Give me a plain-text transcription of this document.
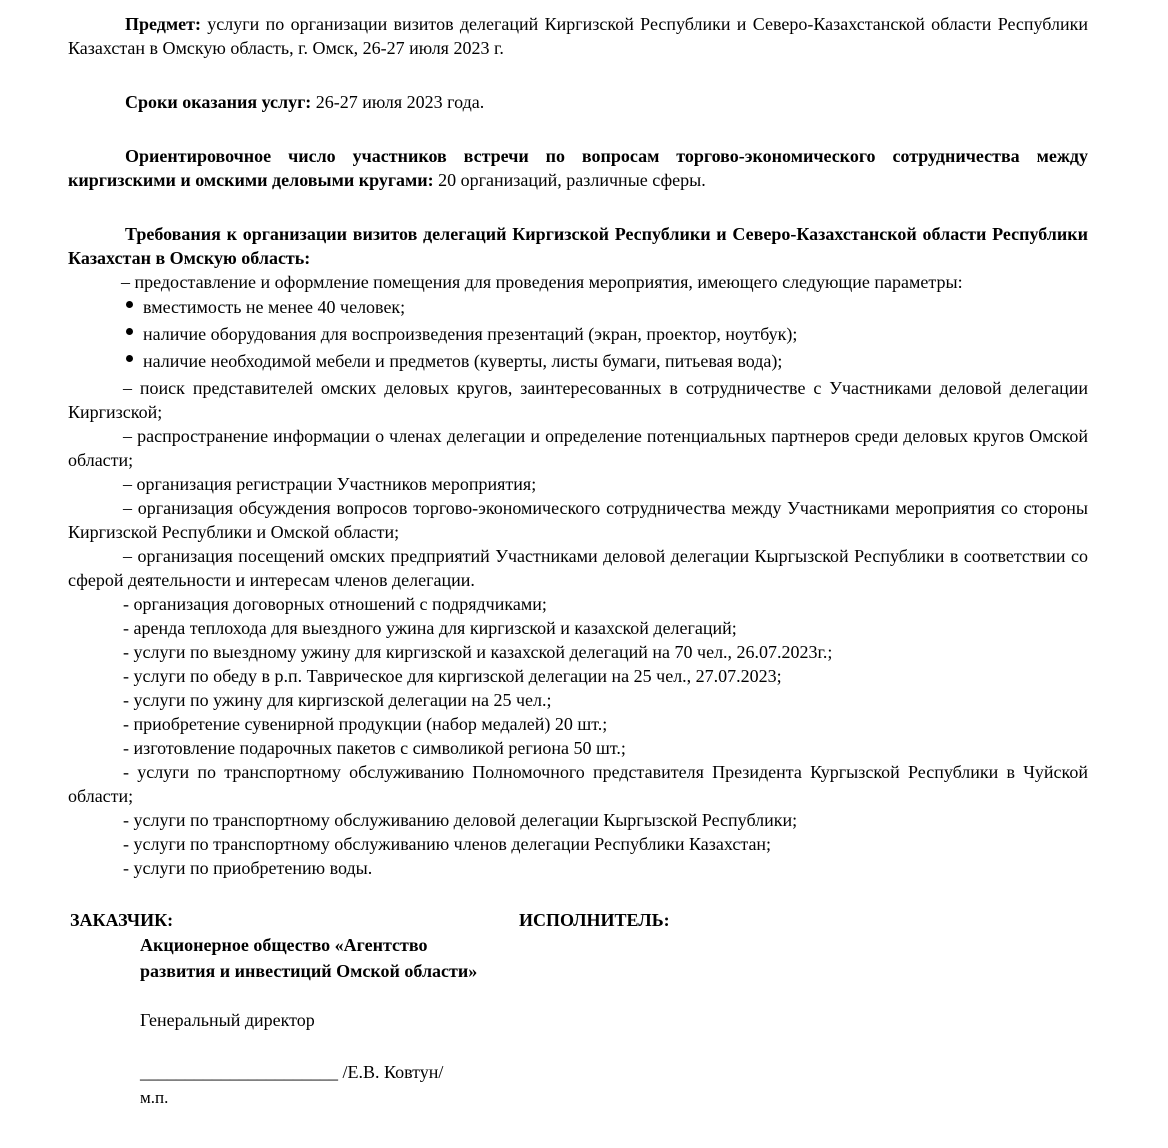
Предмет: услуги по организации визитов делегаций Киргизской Республики и Северо-Казахстанской области Республики Казахстан в Омскую область, г. Омск, 26-27 июля 2023 г.

Сроки оказания услуг: 26-27 июля 2023 года.

Ориентировочное число участников встречи по вопросам торгово-экономического сотрудничества между киргизскими и омскими деловыми кругами: 20 организаций, различные сферы.

Требования к организации визитов делегаций Киргизской Республики и Северо-Казахстанской области Республики Казахстан в Омскую область:

– предоставление и оформление помещения для проведения мероприятия, имеющего следующие параметры:

вместимость не менее 40 человек;
наличие оборудования для воспроизведения презентаций (экран, проектор, ноутбук);
наличие необходимой мебели и предметов (куверты, листы бумаги, питьевая вода);

– поиск представителей омских деловых кругов, заинтересованных в сотрудничестве с Участниками деловой делегации Киргизской;

– распространение информации о членах делегации и определение потенциальных партнеров среди деловых кругов Омской области;

– организация регистрации Участников мероприятия;

– организация обсуждения вопросов торгово-экономического сотрудничества между Участниками мероприятия со стороны Киргизской Республики и Омской области;

– организация посещений омских предприятий Участниками деловой делегации Кыргызской Республики в соответствии со сферой деятельности и интересам членов делегации.

- организация договорных отношений с подрядчиками;

- аренда теплохода для выездного ужина для киргизской и казахской делегаций;

- услуги по выездному ужину для киргизской и казахской делегаций на 70 чел., 26.07.2023г.;

- услуги по обеду в р.п. Таврическое для киргизской делегации на 25 чел., 27.07.2023;

- услуги по ужину для киргизской делегации на 25 чел.;

- приобретение сувенирной продукции (набор медалей) 20 шт.;

- изготовление подарочных пакетов с символикой региона 50 шт.;

- услуги по транспортному обслуживанию Полномочного представителя Президента Кургызской Республики в Чуйской области;

- услуги по транспортному обслуживанию деловой делегации Кыргызской Республики;

- услуги по транспортному обслуживанию членов делегации Республики Казахстан;

- услуги по приобретению воды.

ЗАКАЗЧИК:	ИСПОЛНИТЕЛЬ:
Акционерное общество «Агентство
развития и инвестиций Омской области»
Генеральный директор
______________________ /Е.В. Ковтун/
м.п.
